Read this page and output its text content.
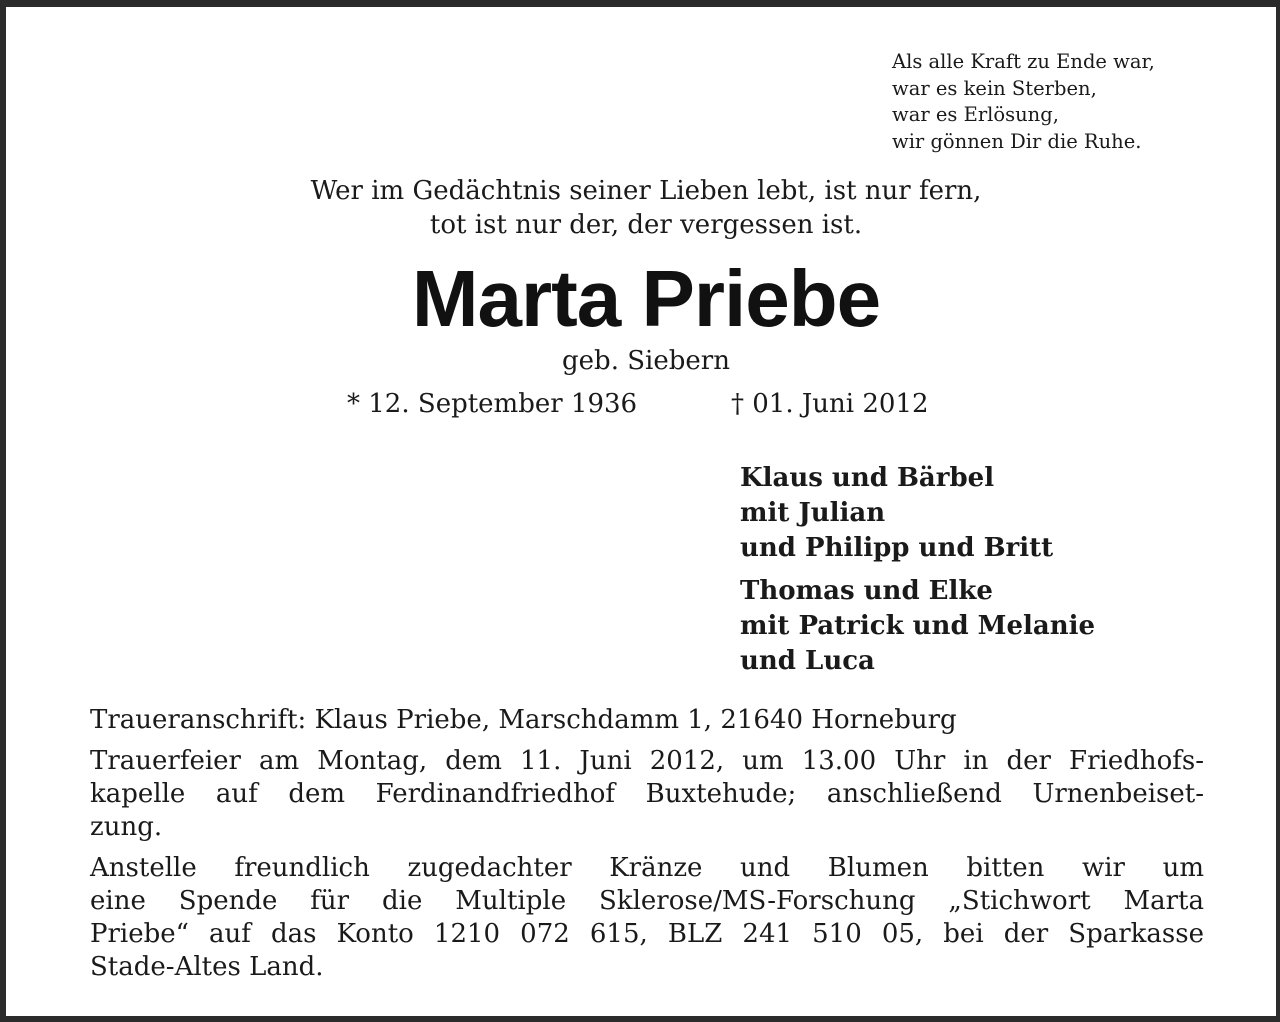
Als alle Kraft zu Ende war,
war es kein Sterben,
war es Erlösung,
wir gönnen Dir die Ruhe.
Wer im Gedächtnis seiner Lieben lebt, ist nur fern,
tot ist nur der, der vergessen ist.
Marta Priebe
geb. Siebern
* 12. September 1936	† 01. Juni 2012
Klaus und Bärbel
mit Julian
und Philipp und Britt
Thomas und Elke
mit Patrick und Melanie
und Luca
Traueranschrift: Klaus Priebe, Marschdamm 1, 21640 Horneburg
Trauerfeier am Montag, dem 11. Juni 2012, um 13.00 Uhr in der Friedhofs-
kapelle auf dem Ferdinandfriedhof Buxtehude; anschließend Urnenbeiset-
zung.
Anstelle freundlich zugedachter Kränze und Blumen bitten wir um
eine Spende für die Multiple Sklerose/MS-Forschung „Stichwort Marta
Priebe“ auf das Konto 1210 072 615, BLZ 241 510 05, bei der Sparkasse
Stade-Altes Land.
